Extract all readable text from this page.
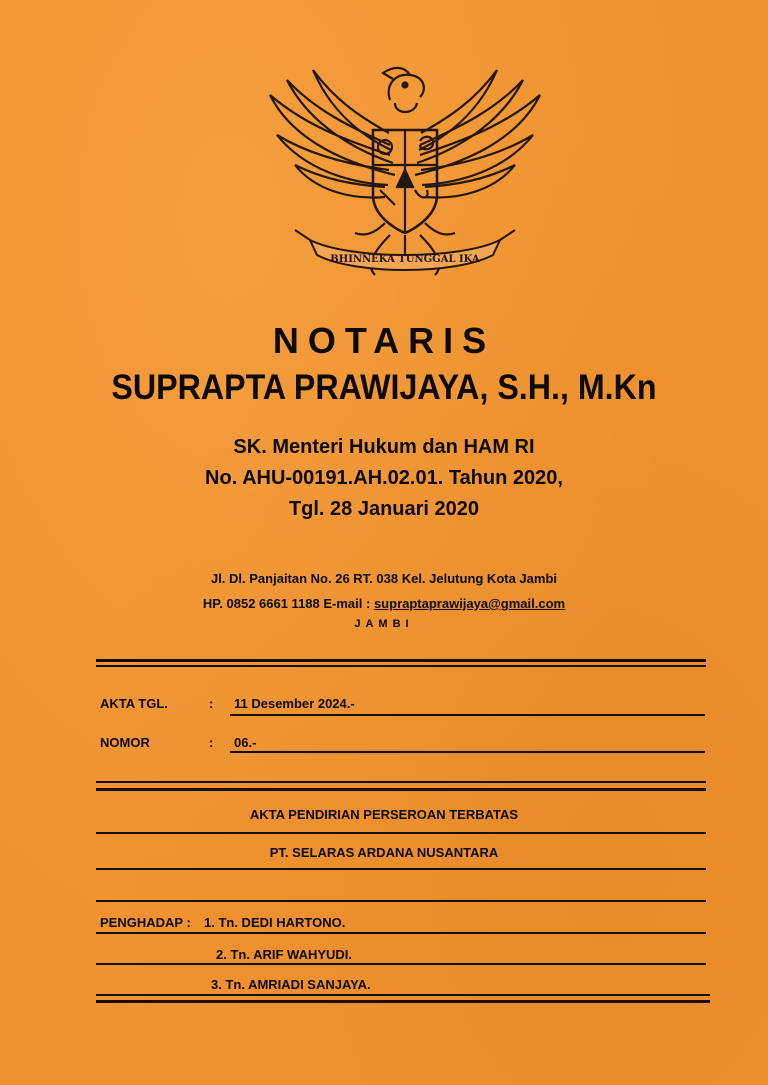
BHINNEKA TUNGGAL IKA
NOTARIS
SUPRAPTA PRAWIJAYA, S.H., M.Kn
SK. Menteri Hukum dan HAM RI
No. AHU-00191.AH.02.01. Tahun 2020,
Tgl. 28 Januari 2020
Jl. Dl. Panjaitan No. 26 RT. 038 Kel. Jelutung Kota Jambi
HP. 0852 6661 1188 E-mail : supraptaprawijaya@gmail.com
JAMBI
AKTA TGL.	: 11 Desember 2024.-
NOMOR	: 06.-
AKTA PENDIRIAN PERSEROAN TERBATAS
PT. SELARAS ARDANA NUSANTARA
PENGHADAP : 1. Tn. DEDI HARTONO.
2. Tn. ARIF WAHYUDI.
3. Tn. AMRIADI SANJAYA.
